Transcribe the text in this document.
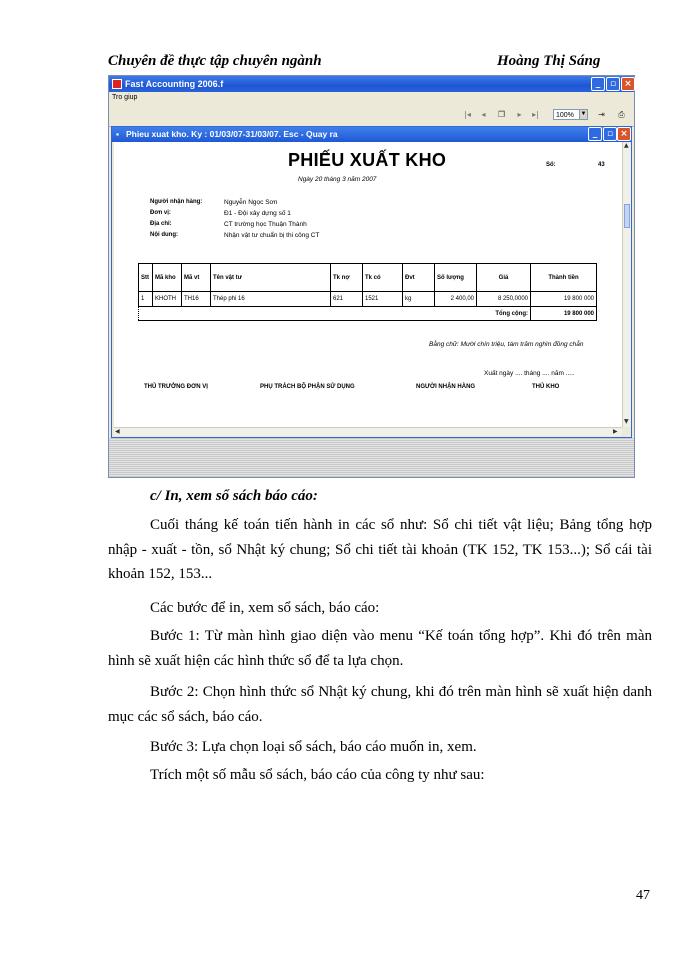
Chuyên đề thực tập chuyên ngành	Hoàng Thị Sáng
Fast Accounting 2006.f	_	▫ ×
Tro giup
|◂	◂	❐	▸	▸|	100%	▼ ⇥ ⎙
▪ Phieu xuat kho. Ky : 01/03/07-31/03/07. Esc - Quay ra	_	▫ ×
PHIẾU XUẤT KHO	Số:	43
Ngày 20 tháng 3 năm 2007
Người nhận hàng:	Nguyễn Ngọc Sơn
Đơn vị:	Đ1 - Đội xây dựng số 1
Địa chỉ:	CT trường học Thuận Thành
Nội dung:	Nhận vật tư chuẩn bị thi công CT
Stt	Mã kho	Mã vt	Tên vật tư	Tk nợ	Tk có	Đvt	Số lượng	Giá	Thành tiền
1	KHOTH	TH16	Thép phi 16	621	1521	kg	2 400,00	8 250,0000	19 800 000
Tổng cộng:									19 800 000
Bằng chữ: Mười chín triệu, tám trăm nghìn đồng chẵn
Xuất ngày .... tháng .... năm .....
THỦ TRƯỞNG ĐƠN VỊ	PHỤ TRÁCH BỘ PHẬN SỬ DỤNG	NGƯỜI NHẬN HÀNG	THỦ KHO
▲
▼
◀	▶
c/ In, xem sổ sách báo cáo:
Cuối tháng kế toán tiến hành in các sổ như: Sổ chi tiết vật liệu; Bảng tổng hợp nhập - xuất - tồn, sổ Nhật ký chung; Sổ chi tiết tài khoản (TK 152, TK 153...); Sổ cái tài khoản 152, 153...
Các bước để in, xem sổ sách, báo cáo:
Bước 1: Từ màn hình giao diện vào menu “Kế toán tổng hợp”. Khi đó trên màn hình sẽ xuất hiện các hình thức sổ để ta lựa chọn.
Bước 2: Chọn hình thức sổ Nhật ký chung, khi đó trên màn hình sẽ xuất hiện danh mục các sổ sách, báo cáo.
Bước 3: Lựa chọn loại sổ sách, báo cáo muốn in, xem.
Trích một số mẫu sổ sách, báo cáo của công ty như sau:
47
